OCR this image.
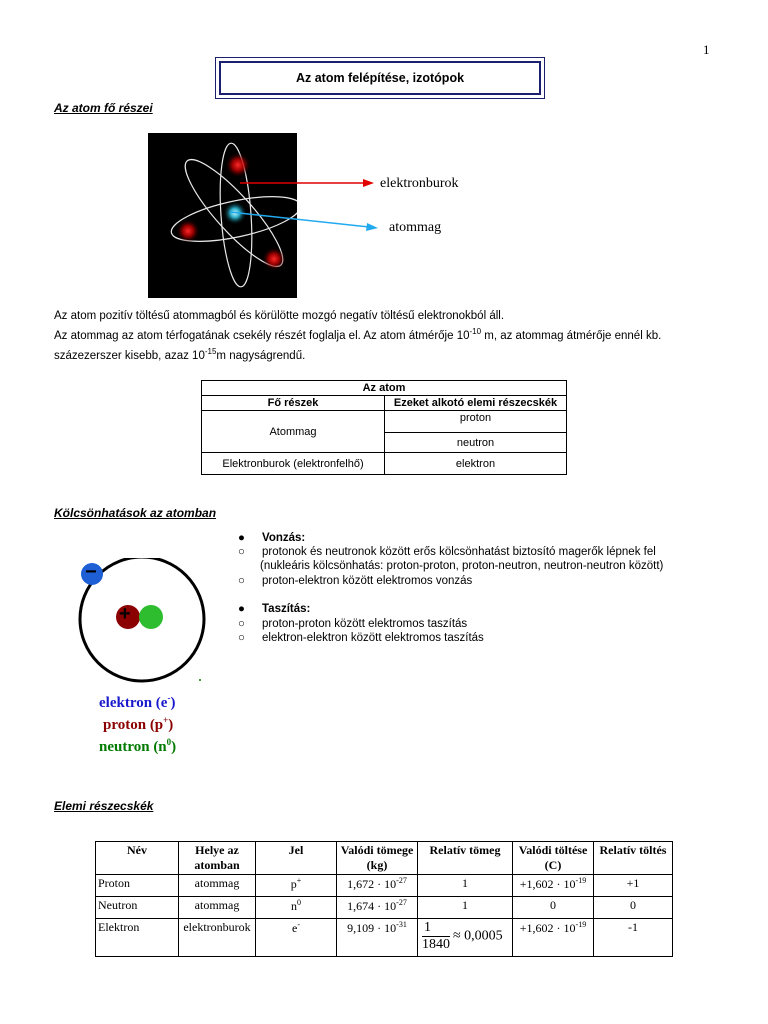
1
Az atom felépítése, izotópok
Az atom fő részei
elektronburok
atommag

Az atom pozitív töltésű atommagból és körülötte mozgó negatív töltésű elektronokból áll.

Az atommag az atom térfogatának csekély részét foglalja el. Az atom átmérője $10^{-10}$ m, az atommag átmérője ennél kb.

százezerszer kisebb, azaz $10^{-15}m$ nagyságrendű.

Az atom	
Fő részek	Ezeket alkotó elemi részecskék
Atommag	proton
	neutron
Elektronburok (elektronfelhő)	elektron
Kölcsönhatások az atomban
−
+
elektron (e-)
proton (p+)
neutron $(n^0)$
● Vonzás:
○ protonok és neutronok között erős kölcsönhatást biztosító magerők lépnek fel
(nukleáris kölcsönhatás: proton-proton, proton-neutron, neutron-neutron között)
○ proton-elektron között elektromos vonzás
● Taszítás:
○ proton-proton között elektromos taszítás
○ elektron-elektron között elektromos taszítás
Elemi részecskék
Név	Helye az atomban	Jel	Valódi tömege (kg)	Relatív tömeg	Valódi töltése (C)	Relatív töltés
Proton	atommag	p+	$1,672 \cdot 10^{-27}$	1	$+1,602 \cdot 10^{-19}$	+1
Neutron	atommag	$n^0$	$1,674 \cdot 10^{-27}$	1	0	0
Elektron	elektronburok	e-	$9,109 \cdot 10^{-31}$	$\frac{1}{1840} \approx 0,0005$	$+1,602 \cdot 10^{-19}$	-1
